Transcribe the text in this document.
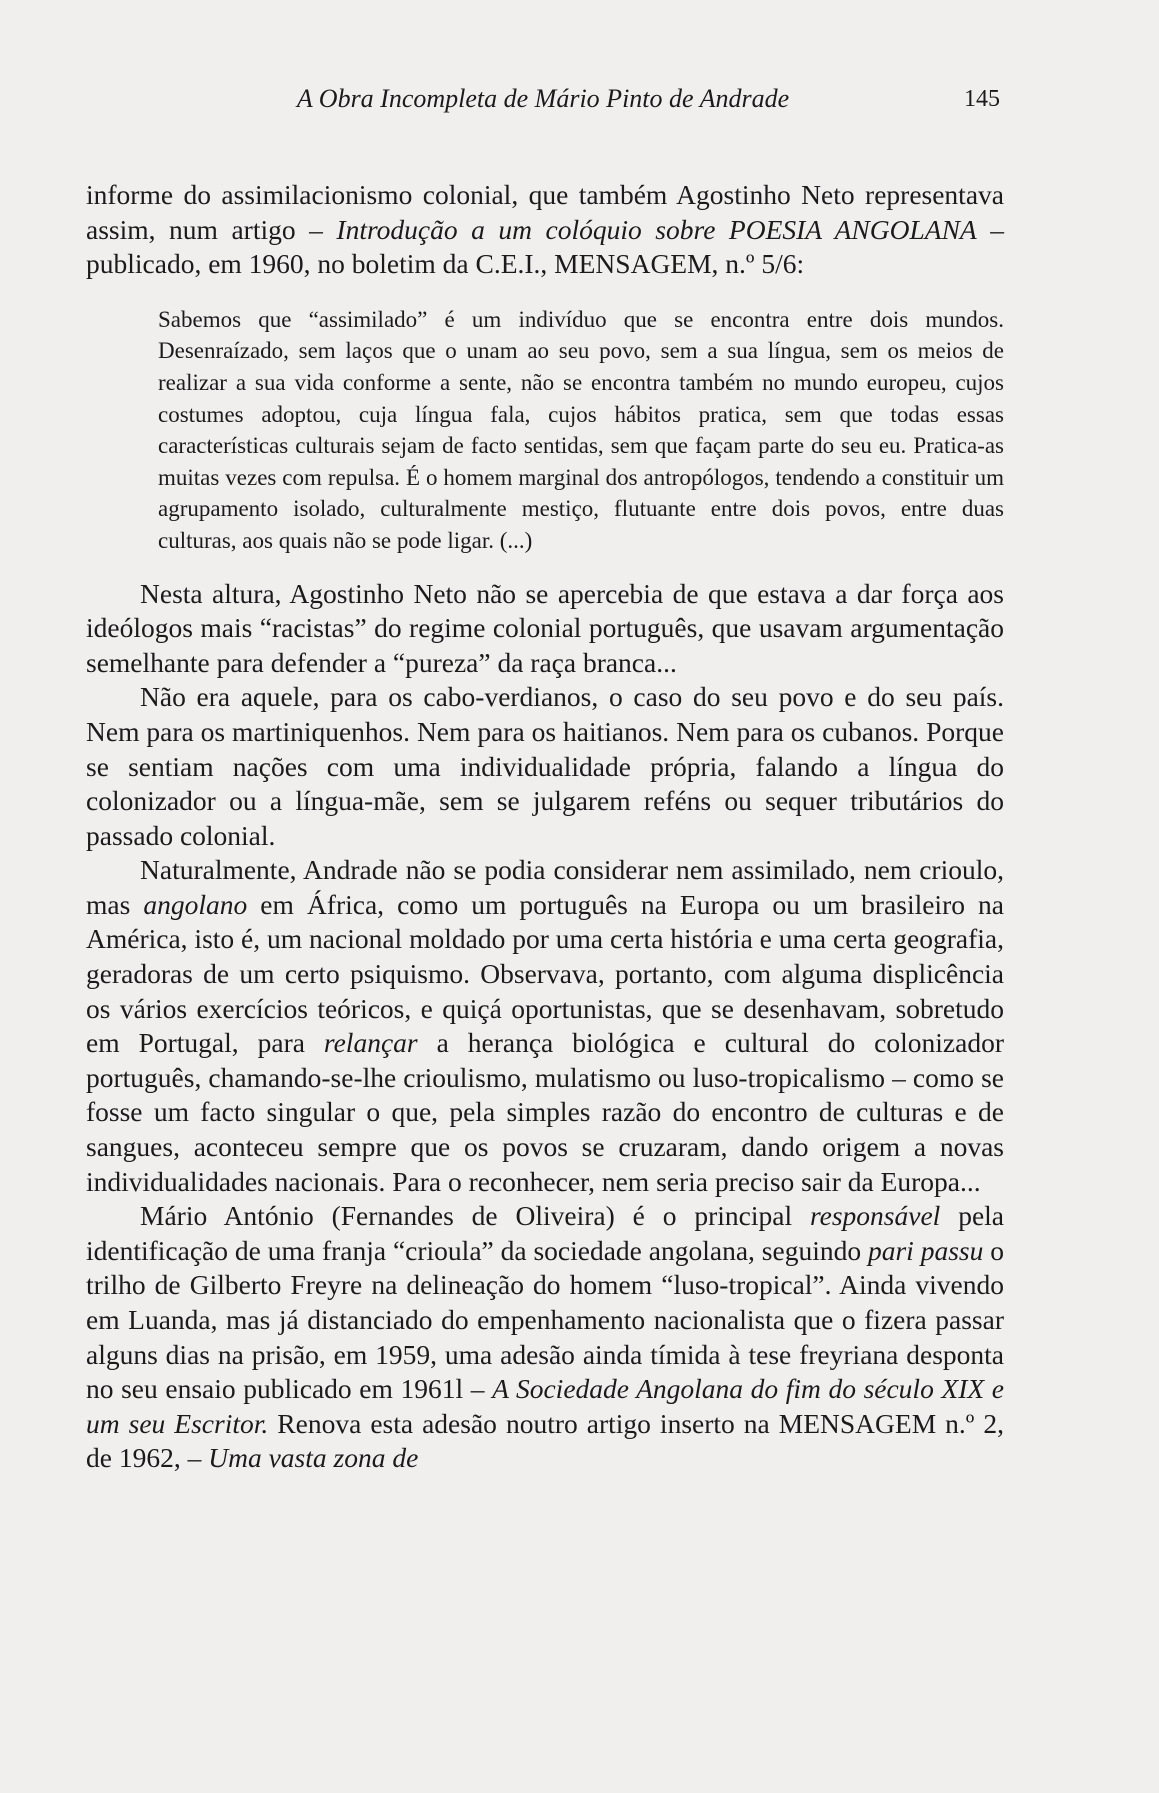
A Obra Incompleta de Mário Pinto de Andrade	145

informe do assimilacionismo colonial, que também Agostinho Neto representava assim, num artigo – Introdução a um colóquio sobre POESIA ANGOLANA – publicado, em 1960, no boletim da C.E.I., MENSAGEM, n.º 5/6:

Sabemos que “assimilado” é um indivíduo que se encontra entre dois mundos. Desenraízado, sem laços que o unam ao seu povo, sem a sua língua, sem os meios de realizar a sua vida conforme a sente, não se encontra também no mundo europeu, cujos costumes adoptou, cuja língua fala, cujos hábitos pratica, sem que todas essas características culturais sejam de facto sentidas, sem que façam parte do seu eu. Pratica-as muitas vezes com repulsa. É o homem marginal dos antropólogos, tendendo a constituir um agrupamento isolado, culturalmente mestiço, flutuante entre dois povos, entre duas culturas, aos quais não se pode ligar. (...)

Nesta altura, Agostinho Neto não se apercebia de que estava a dar força aos ideólogos mais “racistas” do regime colonial português, que usavam argumentação semelhante para defender a “pureza” da raça branca...

Não era aquele, para os cabo-verdianos, o caso do seu povo e do seu país. Nem para os martiniquenhos. Nem para os haitianos. Nem para os cubanos. Porque se sentiam nações com uma individualidade própria, falando a língua do colonizador ou a língua-mãe, sem se julgarem reféns ou sequer tributários do passado colonial.

Naturalmente, Andrade não se podia considerar nem assimilado, nem crioulo, mas angolano em África, como um português na Europa ou um brasileiro na América, isto é, um nacional moldado por uma certa história e uma certa geografia, geradoras de um certo psiquismo. Observava, portanto, com alguma displicência os vários exercícios teóricos, e quiçá oportunistas, que se desenhavam, sobretudo em Portugal, para relançar a herança biológica e cultural do colonizador português, chamando-se-lhe crioulismo, mulatismo ou luso-tropicalismo – como se fosse um facto singular o que, pela simples razão do encontro de culturas e de sangues, aconteceu sempre que os povos se cruzaram, dando origem a novas individualidades nacionais. Para o reconhecer, nem seria preciso sair da Europa...

Mário António (Fernandes de Oliveira) é o principal responsável pela identificação de uma franja “crioula” da sociedade angolana, seguindo pari passu o trilho de Gilberto Freyre na delineação do homem “luso-tropical”. Ainda vivendo em Luanda, mas já distanciado do empenhamento nacionalista que o fizera passar alguns dias na prisão, em 1959, uma adesão ainda tímida à tese freyriana desponta no seu ensaio publicado em 1961l – A Sociedade Angolana do fim do século XIX e um seu Escritor. Renova esta adesão noutro artigo inserto na MENSAGEM n.º 2, de 1962, – Uma vasta zona de
